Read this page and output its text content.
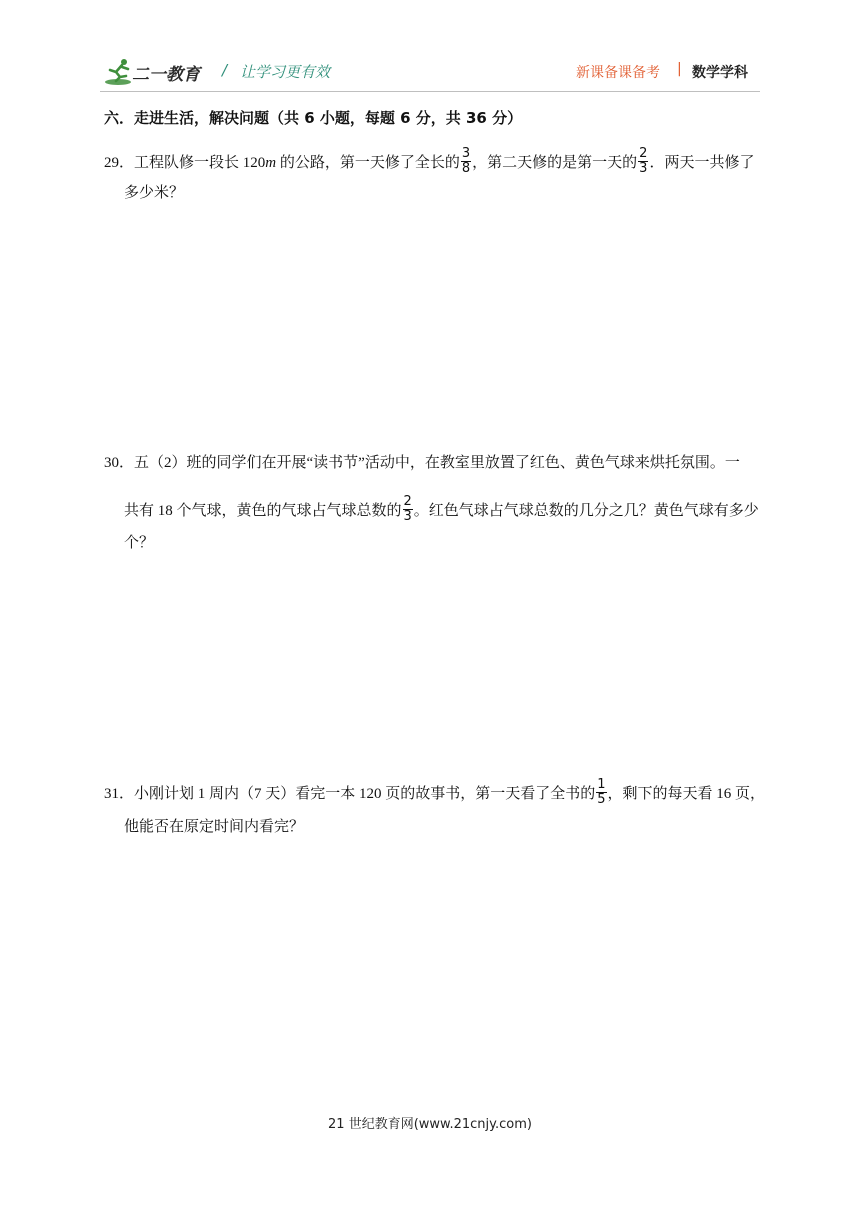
二一教育 / 让学习更有效	新课备课备考 | 数学学科
六．走进生活，解决问题（共 6 小题，每题 6 分，共 36 分）
29．工程队修一段长 120m 的公路，第一天修了全长的 $\frac{3}{8}$ ，第二天修的是第一天的 $\frac{2}{3}$ ．两天一共修了
多少米？
30．五（2）班的同学们在开展“读书节”活动中，在教室里放置了红色、黄色气球来烘托氛围。一
共有 18 个气球，黄色的气球占气球总数的 $\frac{2}{3}$ 。红色气球占气球总数的几分之几？黄色气球有多少
个？
31．小刚计划 1 周内（7 天）看完一本 120 页的故事书，第一天看了全书的 $\frac{1}{5}$ ，剩下的每天看 16 页，
他能否在原定时间内看完？
21 世纪教育网(www.21cnjy.com)
